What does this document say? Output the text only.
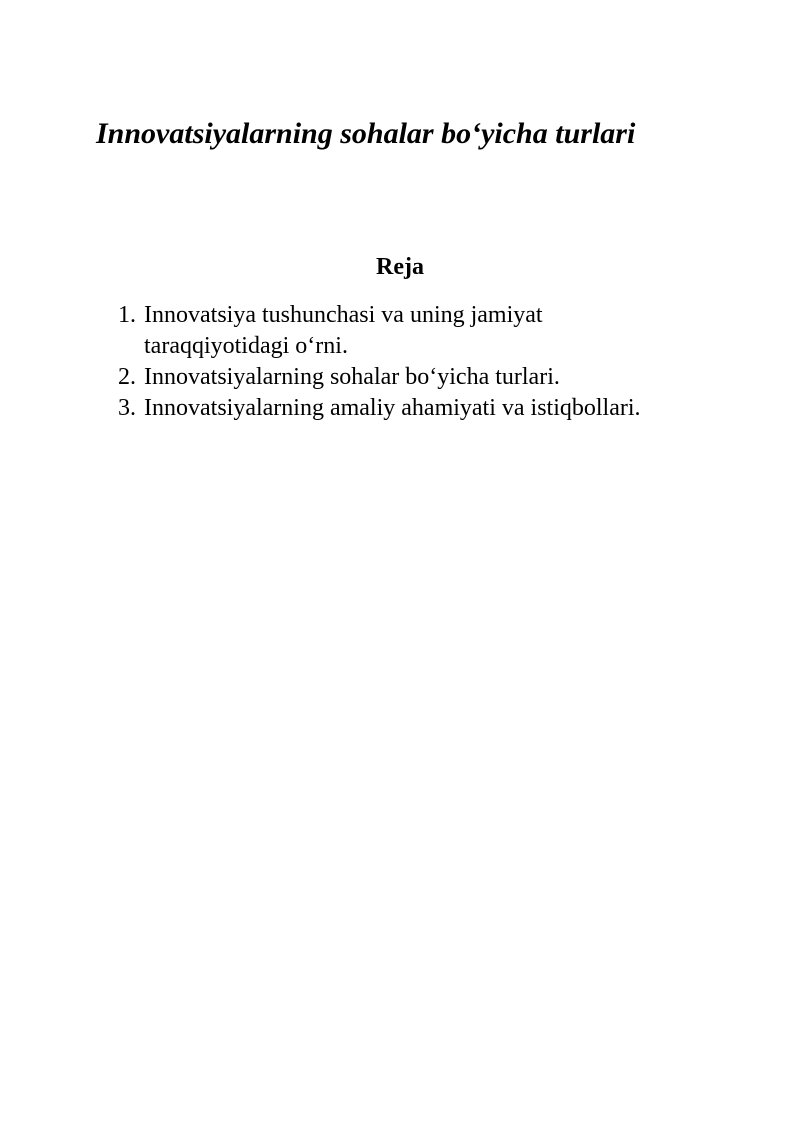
Innovatsiyalarning sohalar bo‘yicha turlari
Reja
1. Innovatsiya tushunchasi va uning jamiyat taraqqiyotidagi o‘rni.
2. Innovatsiyalarning sohalar bo‘yicha turlari.
3. Innovatsiyalarning amaliy ahamiyati va istiqbollari.
